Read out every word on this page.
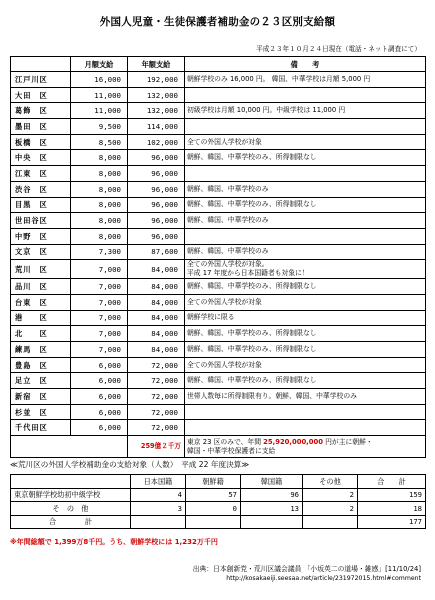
外国人児童・生徒保護者補助金の２３区別支給額
平成２３年１０月２４日現在（電話・ネット調査にて）
	月額支給	年額支給	備　　考
江戸川区	16,000	192,000	朝鮮学校のみ 16,000 円。 韓国、中華学校は月額 5,000 円
大田　区	11,000	132,000	
葛飾　区	11,000	132,000	初級学校は月額 10,000 円。中級学校は 11,000 円
墨田　区	9,500	114,000	
板橋　区	8,500	102,000	全ての外国人学校が対象
中央　区	8,000	96,000	朝鮮、韓国、中華学校のみ、所得制限なし
江東　区	8,000	96,000	
渋谷　区	8,000	96,000	朝鮮、韓国、中華学校のみ
目黒　区	8,000	96,000	朝鮮、韓国、中華学校のみ、所得制限なし
世田谷区	8,000	96,000	朝鮮、韓国、中華学校のみ
中野　区	8,000	96,000	
文京　区	7,300	87,600	朝鮮、韓国、中華学校のみ
荒川　区	7,000	84,000	全ての外国人学校が対象。
平成 17 年度から日本国籍者も対象に！
品川　区	7,000	84,000	朝鮮、韓国、中華学校のみ、所得制限なし
台東　区	7,000	84,000	全ての外国人学校が対象
港　　区	7,000	84,000	朝鮮学校に限る
北　　区	7,000	84,000	朝鮮、韓国、中華学校のみ、所得制限なし
練馬　区	7,000	84,000	朝鮮、韓国、中華学校のみ、所得制限なし
豊島　区	6,000	72,000	全ての外国人学校が対象
足立　区	6,000	72,000	朝鮮、韓国、中華学校のみ、所得制限なし
新宿　区	6,000	72,000	世帯人数毎に所得制限有り。朝鮮、韓国、中華学校のみ
杉並　区	6,000	72,000	
千代田区	6,000	72,000	
		259億２千万	東京 23 区のみで、年間 25,920,000,000 円が主に朝鮮・
韓国・中華学校保護者に支給
≪荒川区の外国人学校補助金の支給対象（人数）　平成 22 年度決算≫
	日本国籍	朝鮮籍	韓国籍	その他	合　　計
東京朝鮮学校幼初中級学校	4	57	96	2	159
そ　の　他	3	0	13	2	18
合　　　　計					177
※年間総額で 1,399万8千円。うち、朝鮮学校には 1,232万千円
出典：日本創新党・荒川区議会議員 「小坂英二の道場・雑感」[11/10/24]
http://kosakaeiji.seesaa.net/article/231972015.html#comment
